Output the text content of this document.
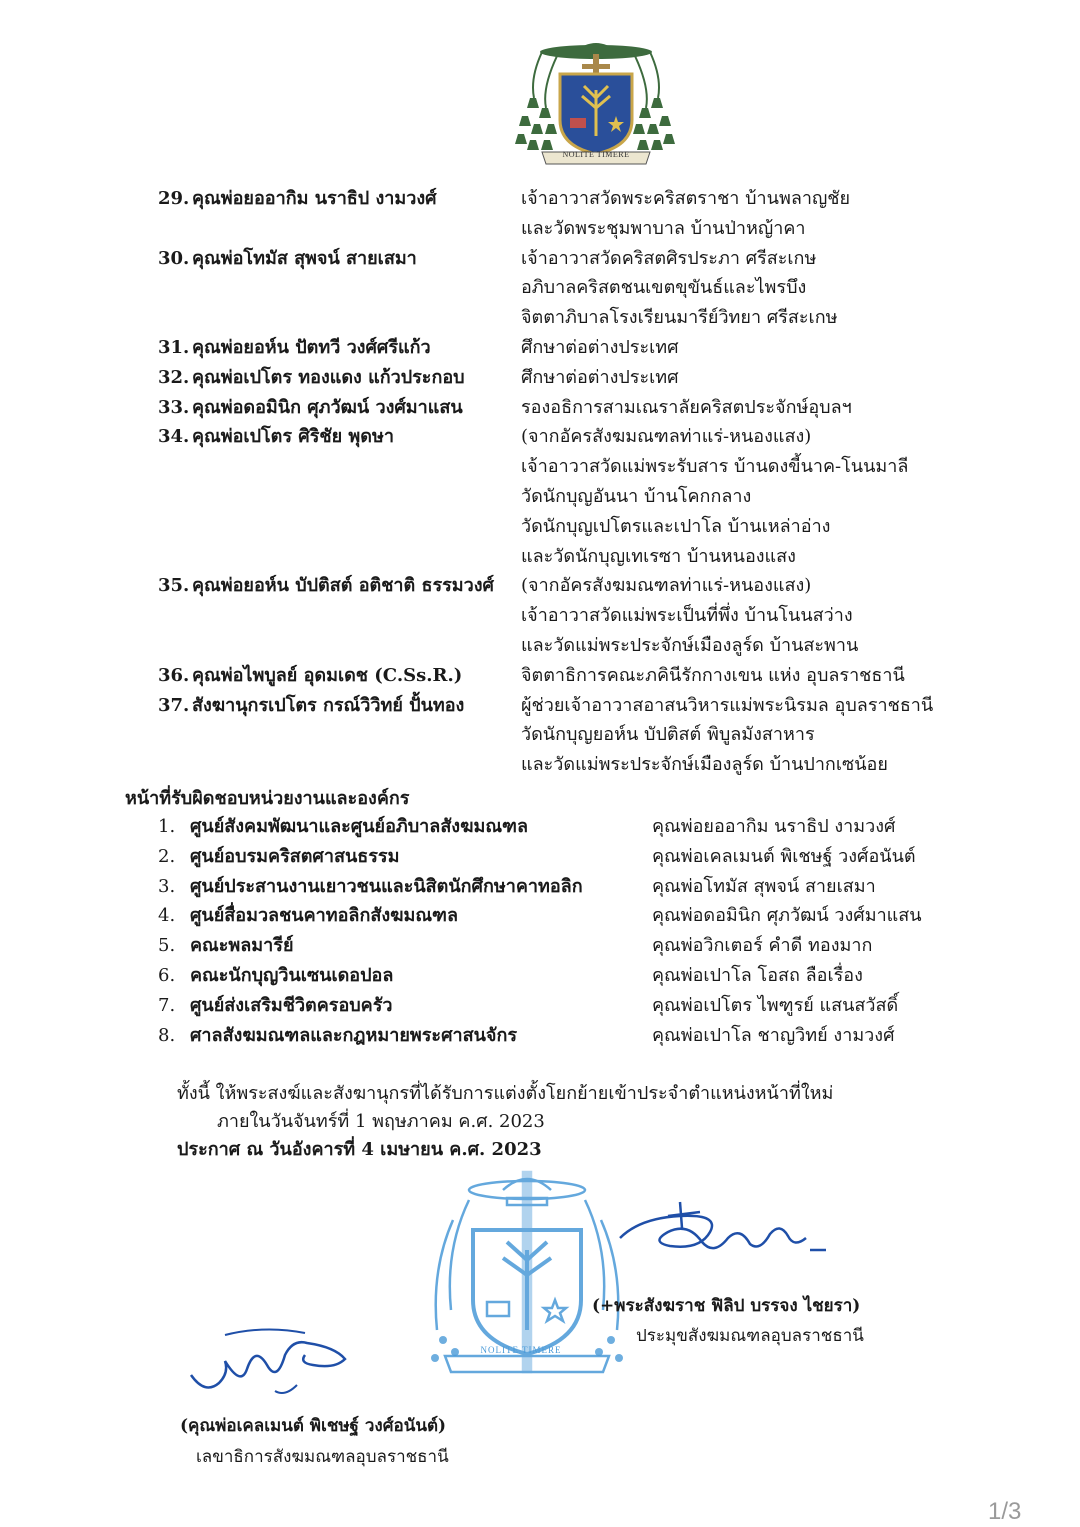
NOLITE TIMERE
29. คุณพ่อยออากิม นราธิป งามวงศ์	เจ้าอาวาสวัดพระคริสตราชา บ้านพลาญชัย
และวัดพระชุมพาบาล บ้านป่าหญ้าคา
30. คุณพ่อโทมัส สุพจน์ สายเสมา	เจ้าอาวาสวัดคริสตศิรประภา ศรีสะเกษ
อภิบาลคริสตชนเขตขุขันธ์และไพรบึง
จิตตาภิบาลโรงเรียนมารีย์วิทยา ศรีสะเกษ
31. คุณพ่อยอห์น ปัตทวี วงศ์ศรีแก้ว	ศึกษาต่อต่างประเทศ
32. คุณพ่อเปโตร ทองแดง แก้วประกอบ	ศึกษาต่อต่างประเทศ
33. คุณพ่อดอมินิก ศุภวัฒน์ วงศ์มาแสน	รองอธิการสามเณราลัยคริสตประจักษ์อุบลฯ
34. คุณพ่อเปโตร ศิริชัย พุดษา	(จากอัครสังฆมณฑลท่าแร่-หนองแสง)
เจ้าอาวาสวัดแม่พระรับสาร บ้านดงขี้นาค-โนนมาลี
วัดนักบุญอันนา บ้านโคกกลาง
วัดนักบุญเปโตรและเปาโล บ้านเหล่าอ่าง
และวัดนักบุญเทเรซา บ้านหนองแสง
35. คุณพ่อยอห์น บัปติสต์ อติชาติ ธรรมวงศ์	(จากอัครสังฆมณฑลท่าแร่-หนองแสง)
เจ้าอาวาสวัดแม่พระเป็นที่พึ่ง บ้านโนนสว่าง
และวัดแม่พระประจักษ์เมืองลูร์ด บ้านสะพาน
36. คุณพ่อไพบูลย์ อุดมเดช (C.Ss.R.)	จิตตาธิการคณะภคินีรักกางเขน แห่ง อุบลราชธานี
37. สังฆานุกรเปโตร กรณ์วิวิทย์ ปั้นทอง	ผู้ช่วยเจ้าอาวาสอาสนวิหารแม่พระนิรมล อุบลราชธานี
วัดนักบุญยอห์น บัปติสต์ พิบูลมังสาหาร
และวัดแม่พระประจักษ์เมืองลูร์ด บ้านปากเซน้อย
หน้าที่รับผิดชอบหน่วยงานและองค์กร
1. ศูนย์สังคมพัฒนาและศูนย์อภิบาลสังฆมณฑล	คุณพ่อยออากิม นราธิป งามวงศ์
2. ศูนย์อบรมคริสตศาสนธรรม	คุณพ่อเคลเมนต์ พิเชษฐ์ วงศ์อนันต์
3. ศูนย์ประสานงานเยาวชนและนิสิตนักศึกษาคาทอลิก	คุณพ่อโทมัส สุพจน์ สายเสมา
4. ศูนย์สื่อมวลชนคาทอลิกสังฆมณฑล	คุณพ่อดอมินิก ศุภวัฒน์ วงศ์มาแสน
5. คณะพลมารีย์	คุณพ่อวิกเตอร์ คำดี ทองมาก
6. คณะนักบุญวินเซนเดอปอล	คุณพ่อเปาโล โอสถ ลือเรื่อง
7. ศูนย์ส่งเสริมชีวิตครอบครัว	คุณพ่อเปโตร ไพฑูรย์ แสนสวัสดิ์
8. ศาลสังฆมณฑลและกฎหมายพระศาสนจักร	คุณพ่อเปาโล ชาญวิทย์ งามวงศ์
ทั้งนี้ ให้พระสงฆ์และสังฆานุกรที่ได้รับการแต่งตั้งโยกย้ายเข้าประจำตำแหน่งหน้าที่ใหม่
ภายในวันจันทร์ที่ 1 พฤษภาคม ค.ศ. 2023
ประกาศ ณ วันอังคารที่ 4 เมษายน ค.ศ. 2023
NOLITE TIMERE
(+พระสังฆราช ฟิลิป บรรจง ไชยรา)
ประมุขสังฆมณฑลอุบลราชธานี
(คุณพ่อเคลเมนต์ พิเชษฐ์ วงศ์อนันต์)
เลขาธิการสังฆมณฑลอุบลราชธานี
1/3
